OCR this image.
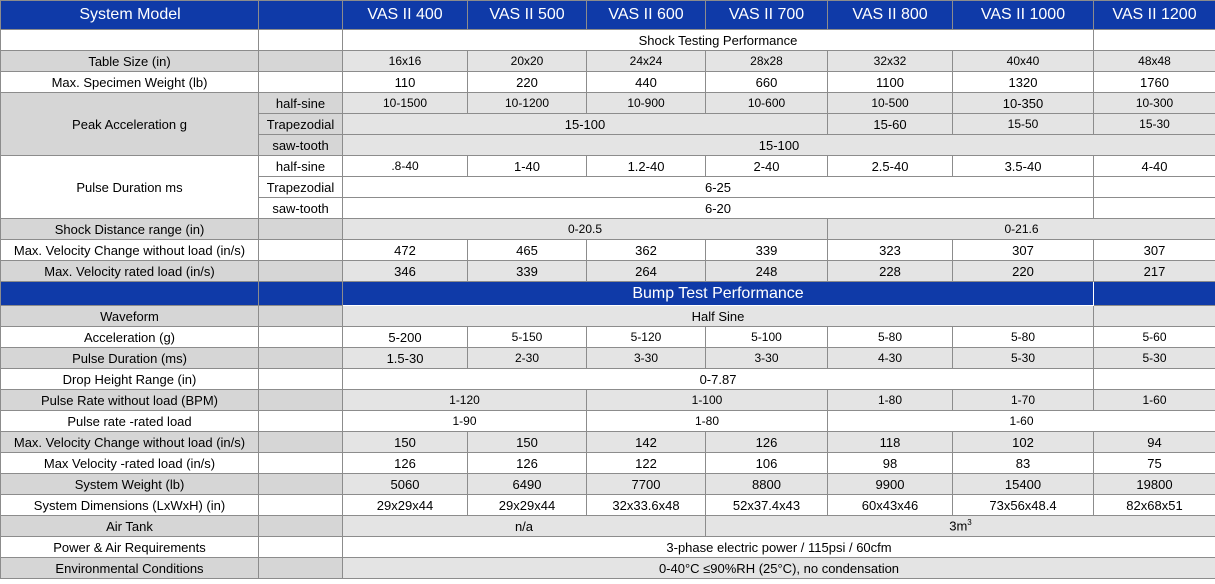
System Model		VAS II 400	VAS II 500	VAS II 600	VAS II 700	VAS II 800	VAS II 1000	VAS II 1200
		Shock Testing Performance						
Table Size (in)		16x16	20x20	24x24	28x28	32x32	40x40	48x48
Max. Specimen Weight (lb)		110	220	440	660	1100	1320	1760
Peak Acceleration g	half-sine	10-1500	10-1200	10-900	10-600	10-500	10-350	10-300
	Trapezodial	15-100				15-60	15-50	15-30
	saw-tooth	15-100						
Pulse Duration ms	half-sine	.8-40	1-40	1.2-40	2-40	2.5-40	3.5-40	4-40
	Trapezodial	6-25						
	saw-tooth	6-20						
Shock Distance range (in)		0-20.5				0-21.6		
Max. Velocity Change without load (in/s)		472	465	362	339	323	307	307
Max. Velocity rated load (in/s)		346	339	264	248	228	220	217
		Bump Test Performance						
Waveform		Half Sine						
Acceleration (g)		5-200	5-150	5-120	5-100	5-80	5-80	5-60
Pulse Duration (ms)		1.5-30	2-30	3-30	3-30	4-30	5-30	5-30
Drop Height Range (in)		0-7.87						
Pulse Rate without load (BPM)		1-120		1-100		1-80	1-70	1-60
Pulse rate -rated load		1-90		1-80		1-60		
Max. Velocity Change without load (in/s)		150	150	142	126	118	102	94
Max Velocity -rated load (in/s)		126	126	122	106	98	83	75
System Weight (lb)		5060	6490	7700	8800	9900	15400	19800
System Dimensions (LxWxH) (in)		29x29x44	29x29x44	32x33.6x48	52x37.4x43	60x43x46	73x56x48.4	82x68x51
Air Tank		n/a			$3m^3$
Power & Air Requirements		3-phase electric power / 115psi / 60cfm						
Environmental Conditions		0-40°C ≤90%RH (25°C), no condensation						
